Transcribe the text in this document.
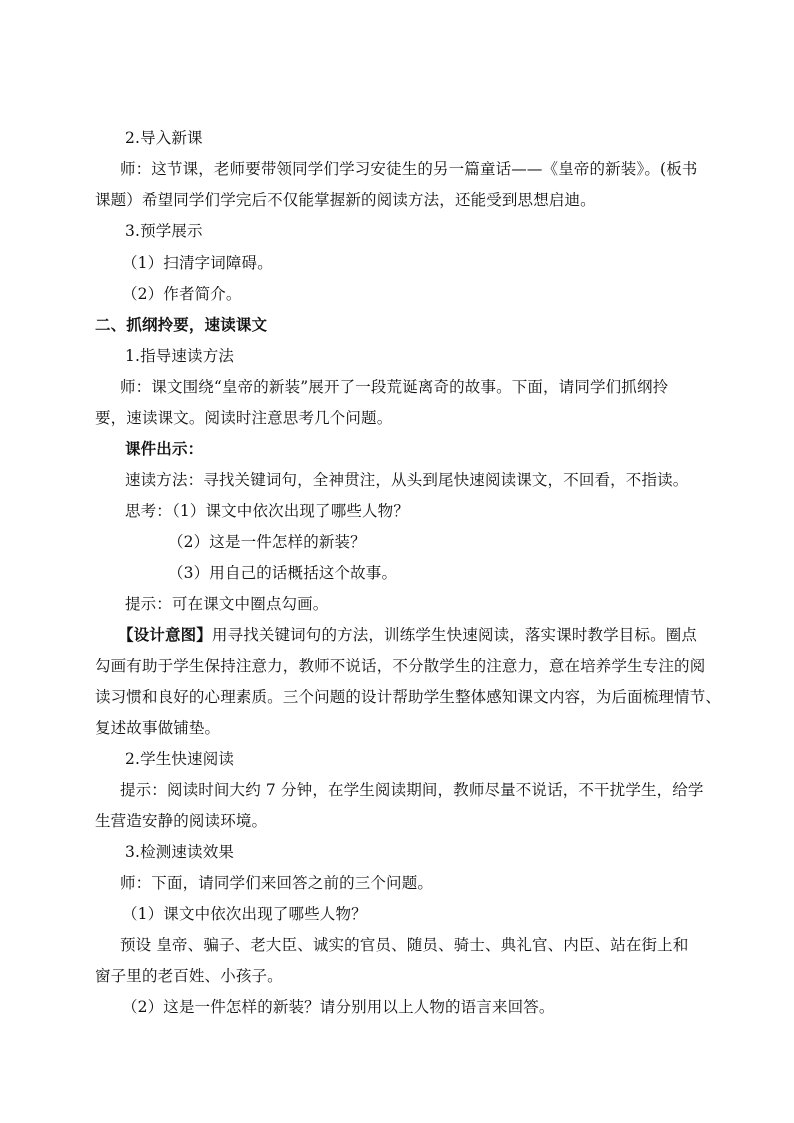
2.导入新课
师：这节课，老师要带领同学们学习安徒生的另一篇童话——《皇帝的新装》。(板书
课题）希望同学们学完后不仅能掌握新的阅读方法，还能受到思想启迪。
3.预学展示
（1）扫清字词障碍。
（2）作者简介。
二、抓纲拎要，速读课文
1.指导速读方法
师：课文围绕“皇帝的新装”展开了一段荒诞离奇的故事。下面，请同学们抓纲拎
要，速读课文。阅读时注意思考几个问题。
课件出示：
速读方法：寻找关键词句，全神贯注，从头到尾快速阅读课文，不回看，不指读。
思考：（1）课文中依次出现了哪些人物？
（2）这是一件怎样的新装？
（3）用自己的话概括这个故事。
提示：可在课文中圈点勾画。
【设计意图】用寻找关键词句的方法，训练学生快速阅读，落实课时教学目标。圈点
勾画有助于学生保持注意力，教师不说话，不分散学生的注意力，意在培养学生专注的阅
读习惯和良好的心理素质。三个问题的设计帮助学生整体感知课文内容，为后面梳理情节、
复述故事做铺垫。
2.学生快速阅读
提示：阅读时间大约 7 分钟，在学生阅读期间，教师尽量不说话，不干扰学生，给学
生营造安静的阅读环境。
3.检测速读效果
师：下面，请同学们来回答之前的三个问题。
（1）课文中依次出现了哪些人物？
预设 皇帝、骗子、老大臣、诚实的官员、随员、骑士、典礼官、内臣、站在街上和
窗子里的老百姓、小孩子。
（2）这是一件怎样的新装？请分别用以上人物的语言来回答。
